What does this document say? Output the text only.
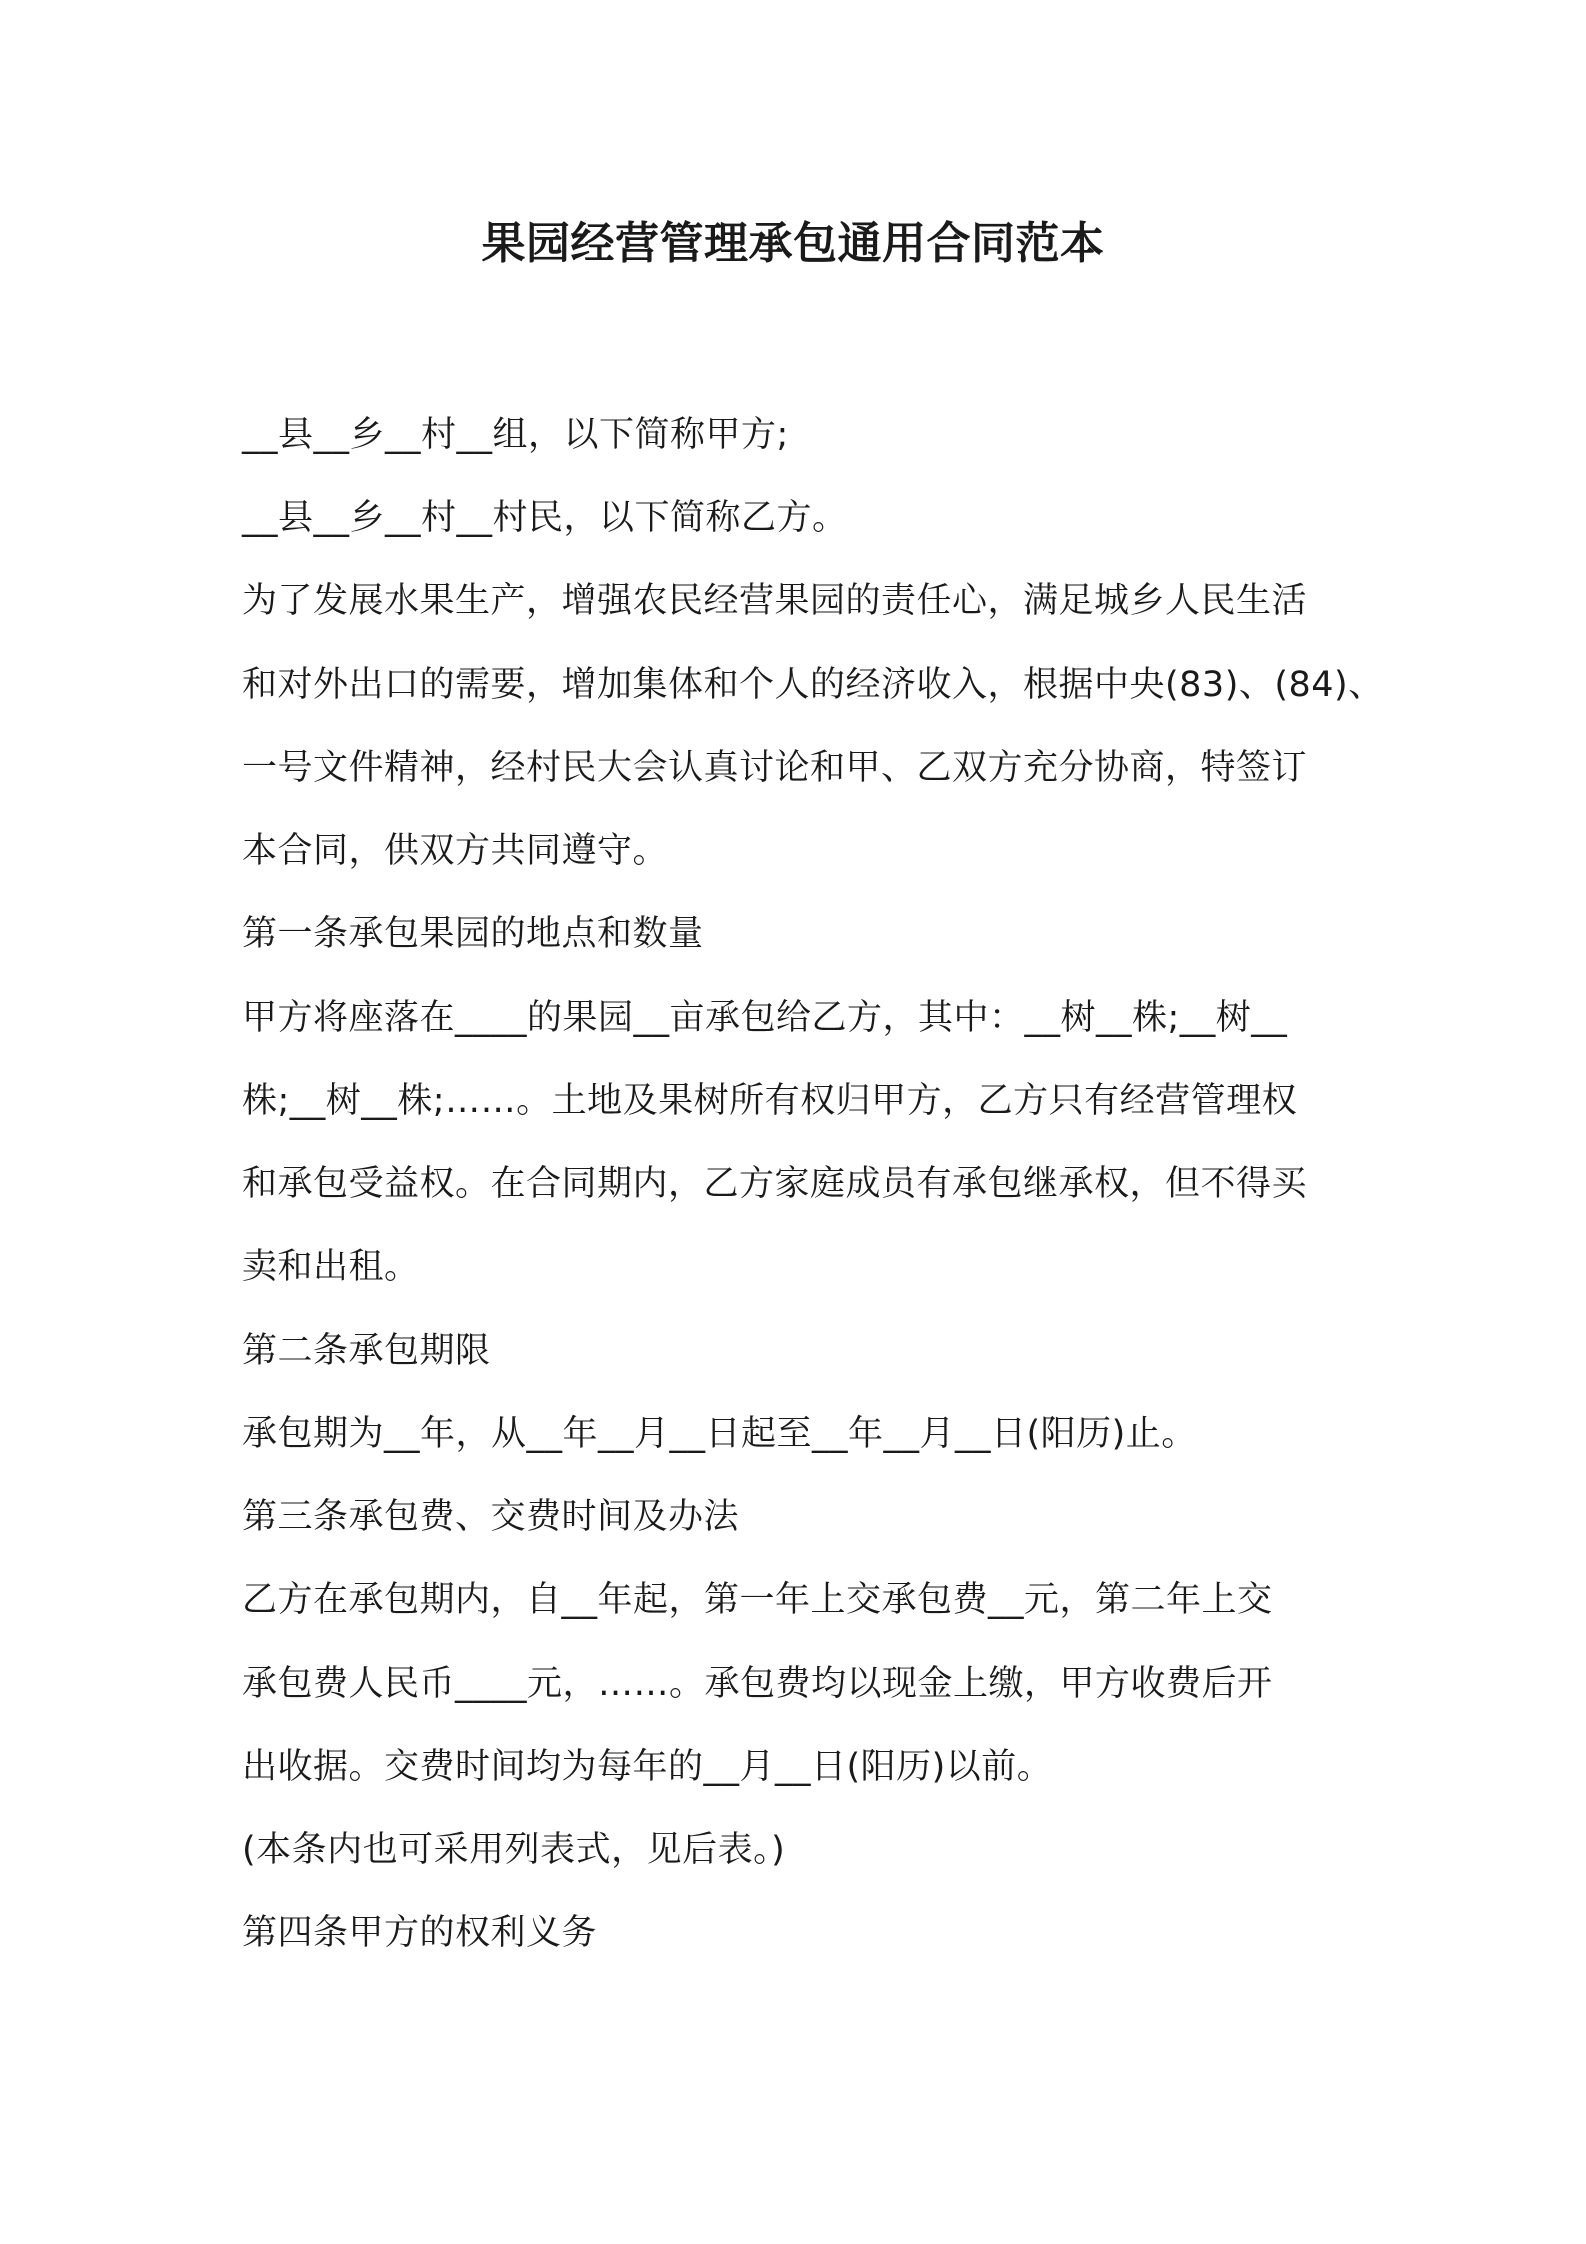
果园经营管理承包通用合同范本
__县__乡__村__组，以下简称甲方;
__县__乡__村__村民，以下简称乙方。
为了发展水果生产，增强农民经营果园的责任心，满足城乡人民生活
和对外出口的需要，增加集体和个人的经济收入，根据中央(83)、(84)、
一号文件精神，经村民大会认真讨论和甲、乙双方充分协商，特签订
本合同，供双方共同遵守。
第一条承包果园的地点和数量
甲方将座落在____的果园__亩承包给乙方，其中：__树__株;__树__
株;__树__株;……。土地及果树所有权归甲方，乙方只有经营管理权
和承包受益权。在合同期内，乙方家庭成员有承包继承权，但不得买
卖和出租。
第二条承包期限
承包期为__年，从__年__月__日起至__年__月__日(阳历)止。
第三条承包费、交费时间及办法
乙方在承包期内，自__年起，第一年上交承包费__元，第二年上交
承包费人民币____元，……。承包费均以现金上缴，甲方收费后开
出收据。交费时间均为每年的__月__日(阳历)以前。
(本条内也可采用列表式，见后表。)
第四条甲方的权利义务
